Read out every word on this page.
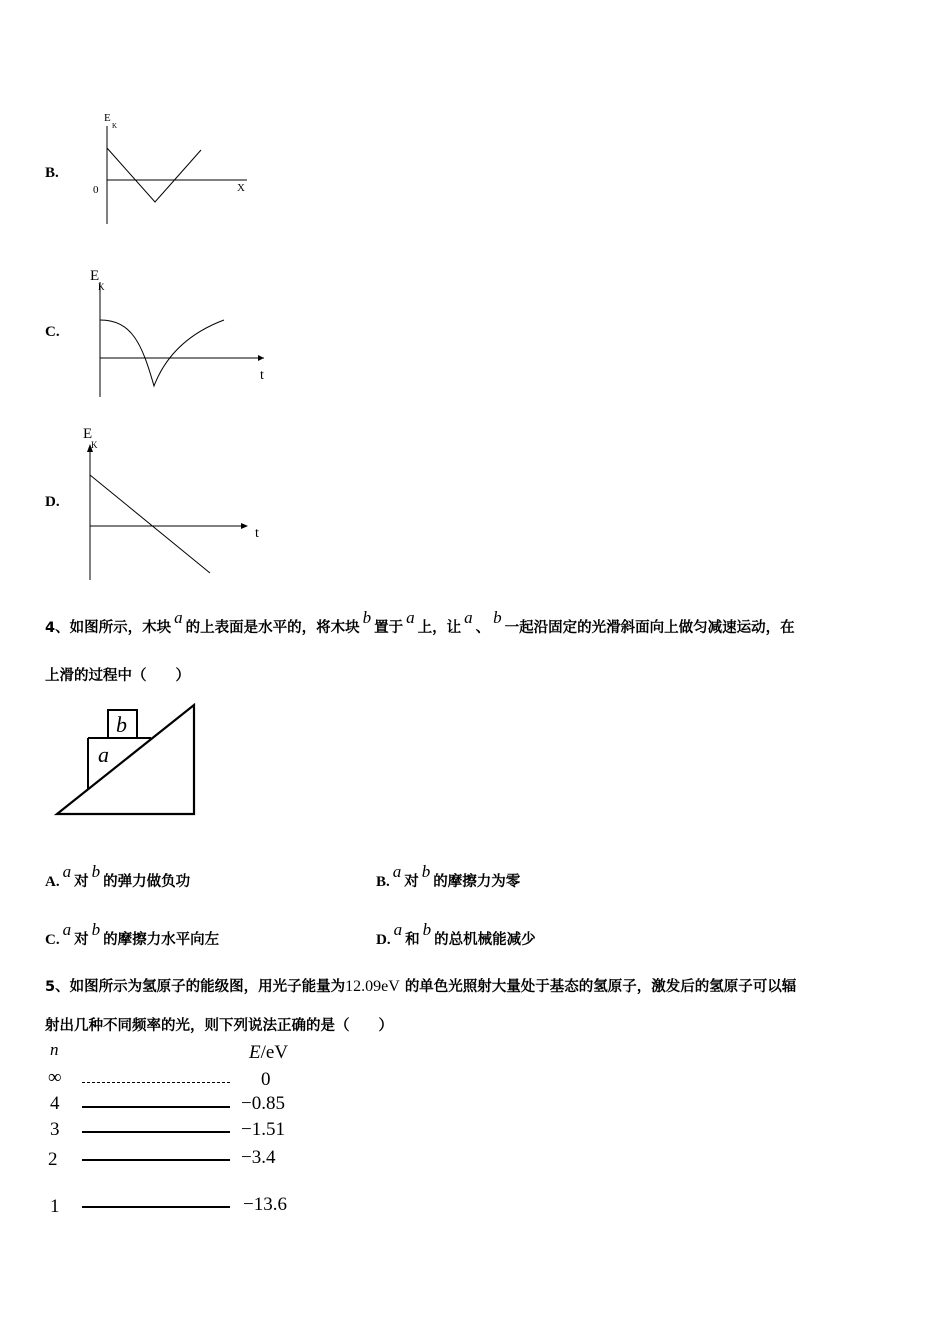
B.
E
K
0	X
C.
E
K
t
D.
E
K
t
4、如图所示，木块a的上表面是水平的，将木块b置于a上，让a、b一起沿固定的光滑斜面向上做匀减速运动，在
上滑的过程中（　　）
b
a
A.a对b的弹力做负功	B.a对b的摩擦力为零
C.a对b的摩擦力水平向左	D.a和b的总机械能减少
5、如图所示为氢原子的能级图，用光子能量为12.09eV 的单色光照射大量处于基态的氢原子，激发后的氢原子可以辐
射出几种不同频率的光，则下列说法正确的是（　　）
n	E/eV
∞	0
4	−0.85
3	−1.51
2	−3.4
1	−13.6
